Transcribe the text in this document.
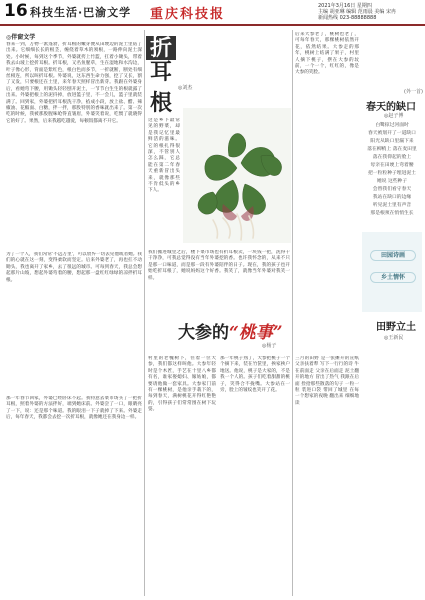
16 科技生活·巴渝文学 重庆科技报
2021年3月16日 星期四
主编 胡亚琳 编辑 范雨晨 美编 宋冉
新闻热线 023-88888888
◎伴窗文学
春来一到，万物一派蓬勃，折耳根的嫩芽便从田埂边的泥土里钻了出来。它细细长长的根茎，缠绕着草木的须根，一路伸向泥土深处。小时候，每到这个季节，外婆就挎上竹篮，扛着小锄头，带着我去山坡上挖折耳根。折耳根，又名鱼腥草，生在湿地和水沟边，叶子像心形，背面是紫红色，根白色而多节，一折就断，断处有细丝相连，所以叫折耳根。外婆说，这东西生命力强，挖了又长，割了又发，只要根还在土里，来年春天照样冒出新芽。我跟在外婆身后，看她弯下腰，用锄头轻轻刨开泥土，一节节白生生的根就露了出来。外婆把根上的泥抖掉，放进篮子里，不一会儿，篮子里就装满了。回到家，外婆把折耳根洗干净，掐成小段，放上盐、醋、辣椒油、花椒面、白糖，拌一拌，那股特别的香味就出来了。第一次吃的时候，我被那股腥味呛得直皱眉，外婆笑着说，吃惯了就晓得它的好了。果然，后来我越吃越爱，每顿饭都离不开它。
为了一个人，我们常常'不远万里'，可以放弃一切去见他或者她。我们的心就在这一刻，变得柔软而坚定。后来外婆老了，再也扛不动锄头，我也离开了家乡，去了很远的城市。可每到春天，我总会想起那片山坡，想起外婆弯着的腰，想起那一盘红红绿绿的凉拌折耳根。
那一年春节回家，外婆已经卧床不起。我特意去菜市场买了一把折耳根，照着外婆的方法拌好，端到她床前。外婆尝了一口，眼睛亮了一下，说：还是那个味道。我的眼泪一下子就掉了下来。外婆走后，每年春天，我都会去挖一次折耳根，就像她还在我身边一样。
折
耳
根
◎刘杰
这是乡下最常见的野菜，却是我记忆里最鲜活的滋味。它的根扎得很深，不管别人怎么踩，它总能在第二年春天重新冒出头来，就像那些不肯低头的乡下人。
我们搬进城里之后，楼下菜市场也有折耳根卖，一块钱一把，洗得干干净净，可我总觉得没有当年外婆挖的香。也许我怀念的，从来不只是那一口味道，而是那一段有外婆陪伴的日子。现在，我的孩子也开始吃折耳根了，她说妈妈这个好香。我笑了，就像当年外婆对我笑一样。
大参的“桃事”
◎杨子
村里的老槐树下，住着一位大参，我们都这样叫他。大参年轻时是个木匠，手艺在十里八乡都有名，谁家娶媳妇、嫁姑娘，都要请他做一套家具。大参家门前有一棵桃树，是他亲手栽下的，每到春天，满树桃花开得红艳艳的，引得孩子们常常围在树下玩耍。
那一年桃子熟了，大参把桃子一个个摘下来，装在竹筐里，挨家挨户地送。他说，桃子是大家的，不是我一个人的。孩子们吃着甜甜的桃子，笑得合不拢嘴。大参站在一旁，脸上的皱纹也笑开了花。
后来大参老了，桃树也老了，可每年春天，那棵桃树依然开花，依然结果。大参走的那年，桃树上结满了果子，村里人摘下桃子，摆在大参的坟前，一个一个，红红的，像是大参的笑脸。
三月的田野 是一张摊开的宣纸 父亲扶着犁 写下一行行的诗 牛在前面走 父亲在后面走 泥土翻开的地方 冒出了热气 我跟在后面 捡拾那些散落的句子 一粒一粒 装进口袋 带回了城里 在每一个想家的夜晚 翻出来 细细地读
春天的缺口
(外一首)
◎赵子博
白鹭掠过河面时
春天被划开了一道缺口
阳光从缺口里漏下来
落在柳梢上 落在麦田里
落在我仰起的脸上
母亲在田埂上弯着腰
把一粒粒种子埋进泥土
她说 这些种子
会替我们看守春天
我站在缺口的边缘
听见泥土里有声音
那是根须在悄悄生长
田园诗画
乡土情怀
田野立土
◎王新民
